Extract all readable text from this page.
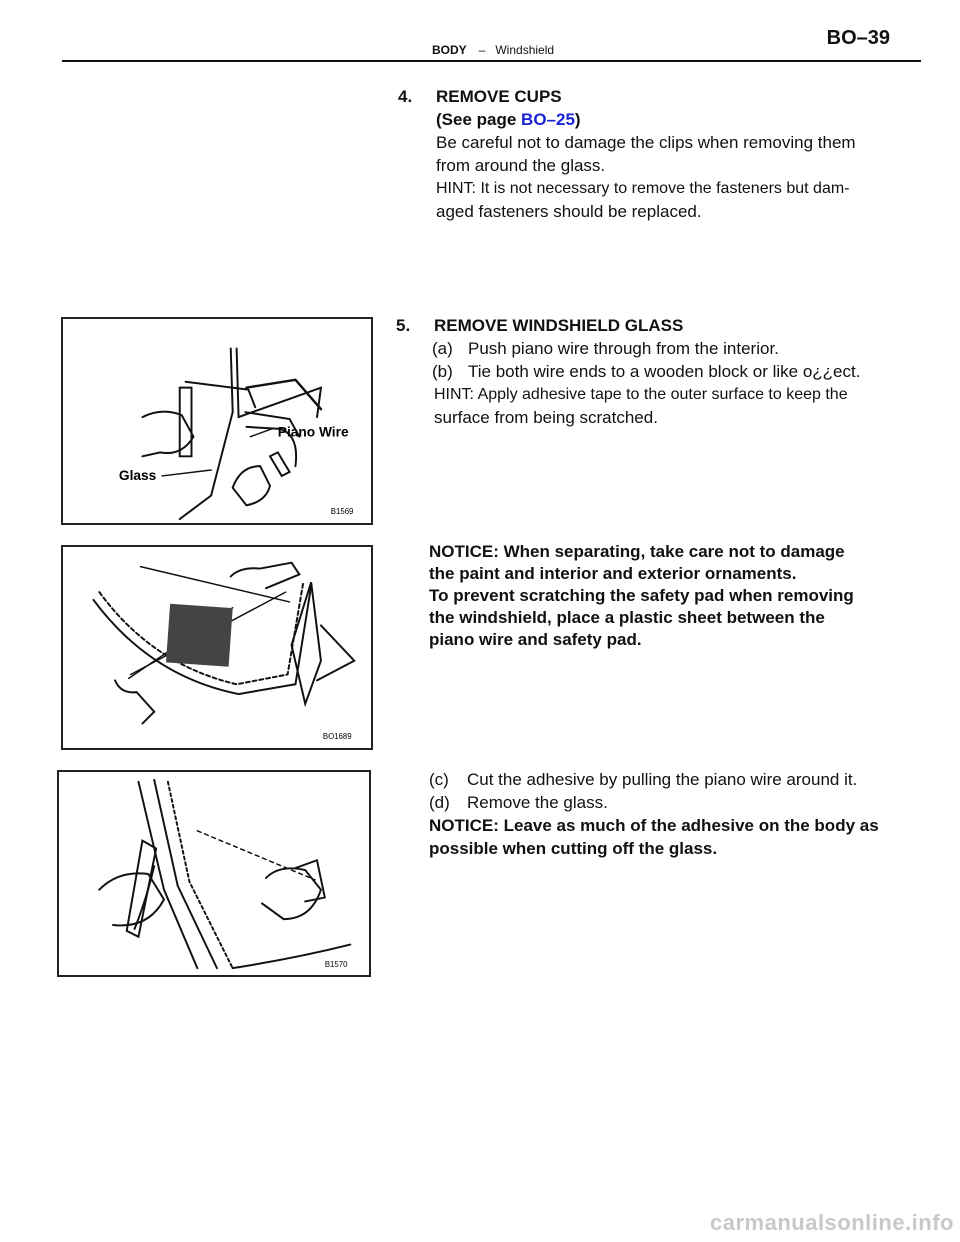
BODY – Windshield
BO–39

4. REMOVE CUPS

(See page BO–25)

Be careful not to damage the clips when removing them

from around the glass.

HINT: It is not necessary to remove the fasteners but dam-

aged fasteners should be replaced.

5. REMOVE WINDSHIELD GLASS

(a) Push piano wire through from the interior.

(b) Tie both wire ends to a wooden block or like o¿¿ect.

HINT: Apply adhesive tape to the outer surface to keep the

surface from being scratched.

NOTICE: When separating, take care not to damage

the paint and interior and exterior ornaments.

To prevent scratching the safety pad when removing

the windshield, place a plastic sheet between the

piano wire and safety pad.

(c) Cut the adhesive by pulling the piano wire around it.

(d) Remove the glass.

NOTICE: Leave as much of the adhesive on the body as

possible when cutting off the glass.

Piano Wire
Glass
B1569
BO1689
B1570
carmanualsonline.info
